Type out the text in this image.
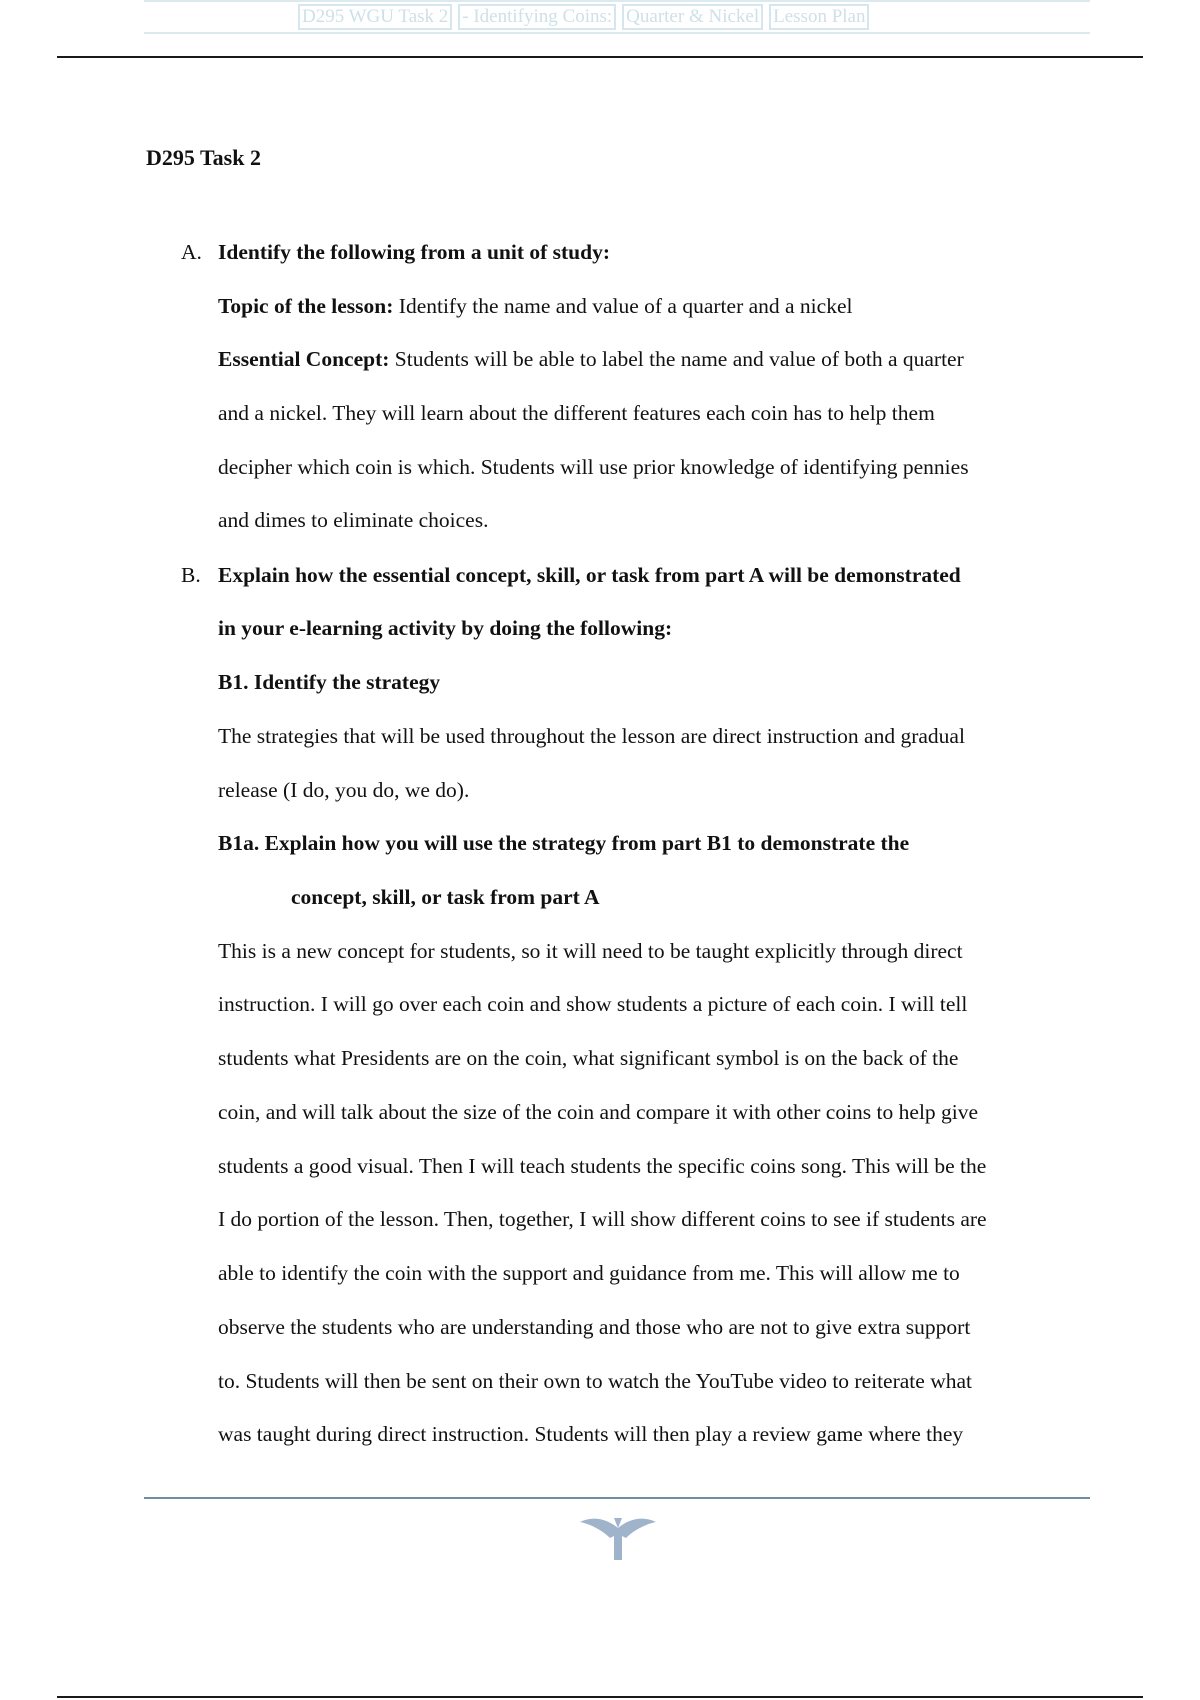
D295 WGU Task 2 - Identifying Coins: Quarter & Nickel Lesson Plan
D295 Task 2
A. Identify the following from a unit of study:
Topic of the lesson: Identify the name and value of a quarter and a nickel
Essential Concept: Students will be able to label the name and value of both a quarter
and a nickel. They will learn about the different features each coin has to help them
decipher which coin is which. Students will use prior knowledge of identifying pennies
and dimes to eliminate choices.
B. Explain how the essential concept, skill, or task from part A will be demonstrated
in your e-learning activity by doing the following:
B1. Identify the strategy
The strategies that will be used throughout the lesson are direct instruction and gradual
release (I do, you do, we do).
B1a. Explain how you will use the strategy from part B1 to demonstrate the
concept, skill, or task from part A
This is a new concept for students, so it will need to be taught explicitly through direct
instruction. I will go over each coin and show students a picture of each coin. I will tell
students what Presidents are on the coin, what significant symbol is on the back of the
coin, and will talk about the size of the coin and compare it with other coins to help give
students a good visual. Then I will teach students the specific coins song. This will be the
I do portion of the lesson. Then, together, I will show different coins to see if students are
able to identify the coin with the support and guidance from me. This will allow me to
observe the students who are understanding and those who are not to give extra support
to. Students will then be sent on their own to watch the YouTube video to reiterate what
was taught during direct instruction. Students will then play a review game where they
